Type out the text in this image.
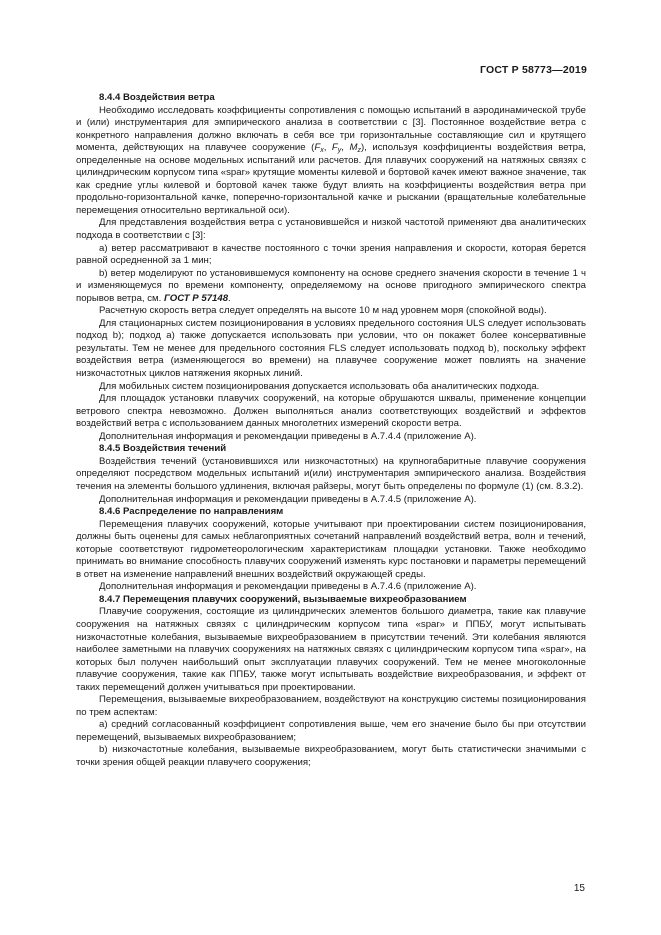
ГОСТ Р 58773—2019

8.4.4 Воздействия ветра

Необходимо исследовать коэффициенты сопротивления с помощью испытаний в аэродинамической трубе и (или) инструментария для эмпирического анализа в соответствии с [3]. Постоянное воздействие ветра с конкретного направления должно включать в себя все три горизонтальные составляющие сил и крутящего момента, действующих на плавучее сооружение ($F_x$, $F_y$, $M_z$), используя коэффициенты воздействия ветра, определенные на основе модельных испытаний или расчетов. Для плавучих сооружений на натяжных связях с цилиндрическим корпусом типа «spar» крутящие моменты килевой и бортовой качек имеют важное значение, так как средние углы килевой и бортовой качек также будут влиять на коэффициенты воздействия ветра при продольно-горизонтальной качке, поперечно-горизонтальной качке и рыскании (вращательные колебательные перемещения относительно вертикальной оси).

Для представления воздействия ветра с установившейся и низкой частотой применяют два аналитических подхода в соответствии с [3]:

а) ветер рассматривают в качестве постоянного с точки зрения направления и скорости, которая берется равной осредненной за 1 мин;

b) ветер моделируют по установившемуся компоненту на основе среднего значения скорости в течение 1 ч и изменяющемуся по времени компоненту, определяемому на основе пригодного эмпирического спектра порывов ветра, см. ГОСТ Р 57148.

Расчетную скорость ветра следует определять на высоте 10 м над уровнем моря (спокойной воды).

Для стационарных систем позиционирования в условиях предельного состояния ULS следует использовать подход b); подход а) также допускается использовать при условии, что он покажет более консервативные результаты. Тем не менее для предельного состояния FLS следует использовать подход b), поскольку эффект воздействия ветра (изменяющегося во времени) на плавучее сооружение может повлиять на значение низкочастотных циклов натяжения якорных линий.

Для мобильных систем позиционирования допускается использовать оба аналитических подхода.

Для площадок установки плавучих сооружений, на которые обрушаются шквалы, применение концепции ветрового спектра невозможно. Должен выполняться анализ соответствующих воздействий и эффектов воздействий ветра с использованием данных многолетних измерений скорости ветра.

Дополнительная информация и рекомендации приведены в А.7.4.4 (приложение А).

8.4.5 Воздействия течений

Воздействия течений (установившихся или низкочастотных) на крупногабаритные плавучие сооружения определяют посредством модельных испытаний и(или) инструментария эмпирического анализа. Воздействия течения на элементы большого удлинения, включая райзеры, могут быть определены по формуле (1) (см. 8.3.2).

Дополнительная информация и рекомендации приведены в А.7.4.5 (приложение А).

8.4.6 Распределение по направлениям

Перемещения плавучих сооружений, которые учитывают при проектировании систем позиционирования, должны быть оценены для самых неблагоприятных сочетаний направлений воздействий ветра, волн и течений, которые соответствуют гидрометеорологическим характеристикам площадки установки. Также необходимо принимать во внимание способность плавучих сооружений изменять курс постановки и параметры перемещений в ответ на изменение направлений внешних воздействий окружающей среды.

Дополнительная информация и рекомендации приведены в А.7.4.6 (приложение А).

8.4.7 Перемещения плавучих сооружений, вызываемые вихреобразованием

Плавучие сооружения, состоящие из цилиндрических элементов большого диаметра, такие как плавучие сооружения на натяжных связях с цилиндрическим корпусом типа «spar» и ППБУ, могут испытывать низкочастотные колебания, вызываемые вихреобразованием в присутствии течений. Эти колебания являются наиболее заметными на плавучих сооружениях на натяжных связях с цилиндрическим корпусом типа «spar», на которых был получен наибольший опыт эксплуатации плавучих сооружений. Тем не менее многоколонные плавучие сооружения, такие как ППБУ, также могут испытывать воздействие вихреобразования, и эффект от таких перемещений должен учитываться при проектировании.

Перемещения, вызываемые вихреобразованием, воздействуют на конструкцию системы позиционирования по трем аспектам:

а) средний согласованный коэффициент сопротивления выше, чем его значение было бы при отсутствии перемещений, вызываемых вихреобразованием;

b) низкочастотные колебания, вызываемые вихреобразованием, могут быть статистически значимыми с точки зрения общей реакции плавучего сооружения;

15
